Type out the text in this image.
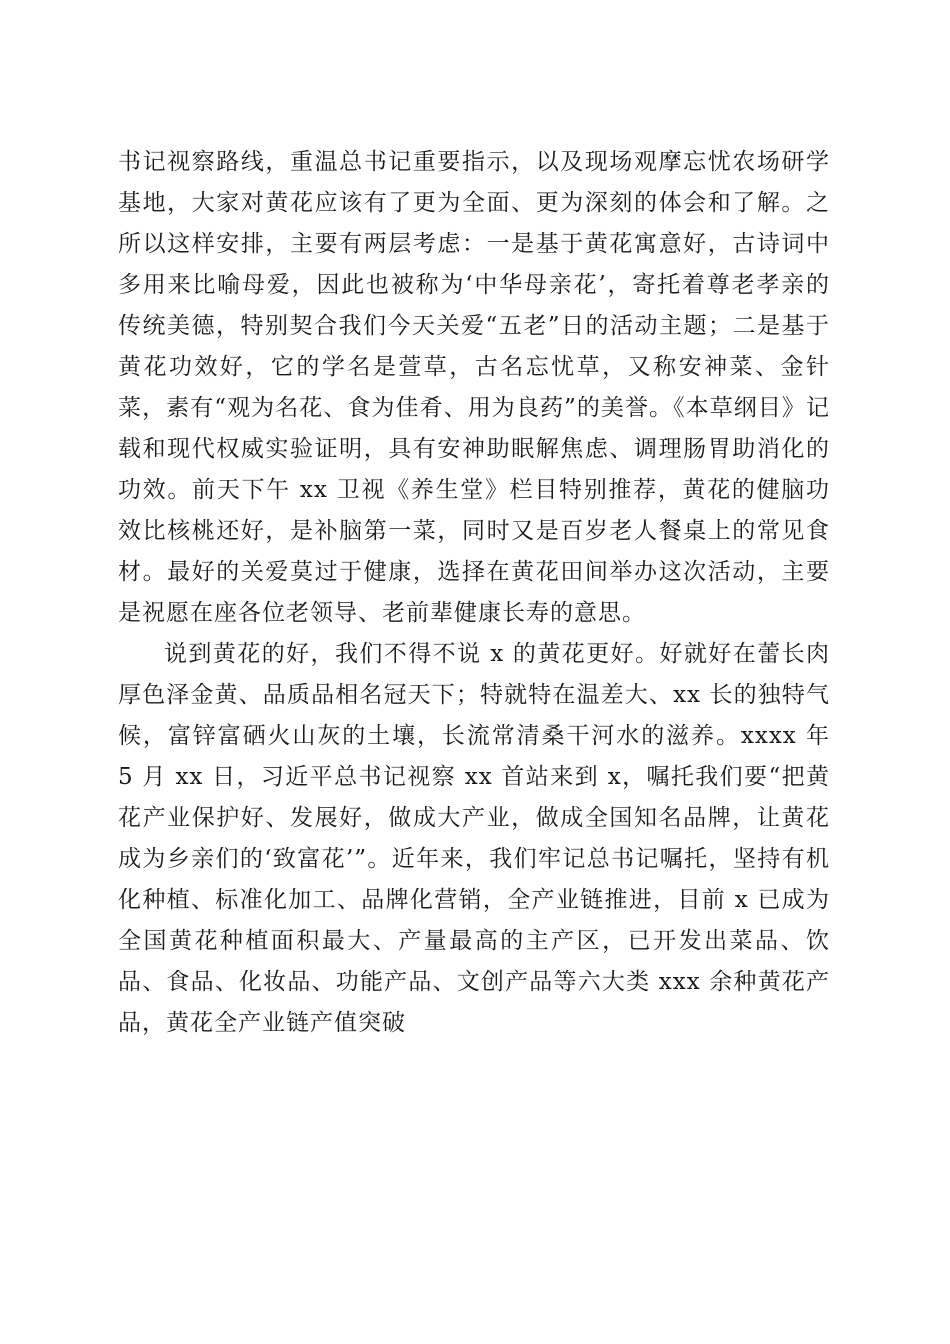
书记视察路线，重温总书记重要指示，以及现场观摩忘忧农场研学基地，大家对黄花应该有了更为全面、更为深刻的体会和了解。之所以这样安排，主要有两层考虑：一是基于黄花寓意好，古诗词中多用来比喻母爱，因此也被称为‘中华母亲花’，寄托着尊老孝亲的传统美德，特别契合我们今天关爱“五老”日的活动主题；二是基于黄花功效好，它的学名是萱草，古名忘忧草，又称安神菜、金针菜，素有“观为名花、食为佳肴、用为良药”的美誉。《本草纲目》记载和现代权威实验证明，具有安神助眠解焦虑、调理肠胃助消化的功效。前天下午 xx 卫视《养生堂》栏目特别推荐，黄花的健脑功效比核桃还好，是补脑第一菜，同时又是百岁老人餐桌上的常见食材。最好的关爱莫过于健康，选择在黄花田间举办这次活动，主要是祝愿在座各位老领导、老前辈健康长寿的意思。

说到黄花的好，我们不得不说 x 的黄花更好。好就好在蕾长肉厚色泽金黄、品质品相名冠天下；特就特在温差大、xx 长的独特气候，富锌富硒火山灰的土壤，长流常清桑干河水的滋养。xxxx 年 5 月 xx 日，习近平总书记视察 xx 首站来到 x，嘱托我们要“把黄花产业保护好、发展好，做成大产业，做成全国知名品牌，让黄花成为乡亲们的‘致富花’”。近年来，我们牢记总书记嘱托，坚持有机化种植、标准化加工、品牌化营销，全产业链推进，目前 x 已成为全国黄花种植面积最大、产量最高的主产区，已开发出菜品、饮品、食品、化妆品、功能产品、文创产品等六大类 xxx 余种黄花产品，黄花全产业链产值突破
